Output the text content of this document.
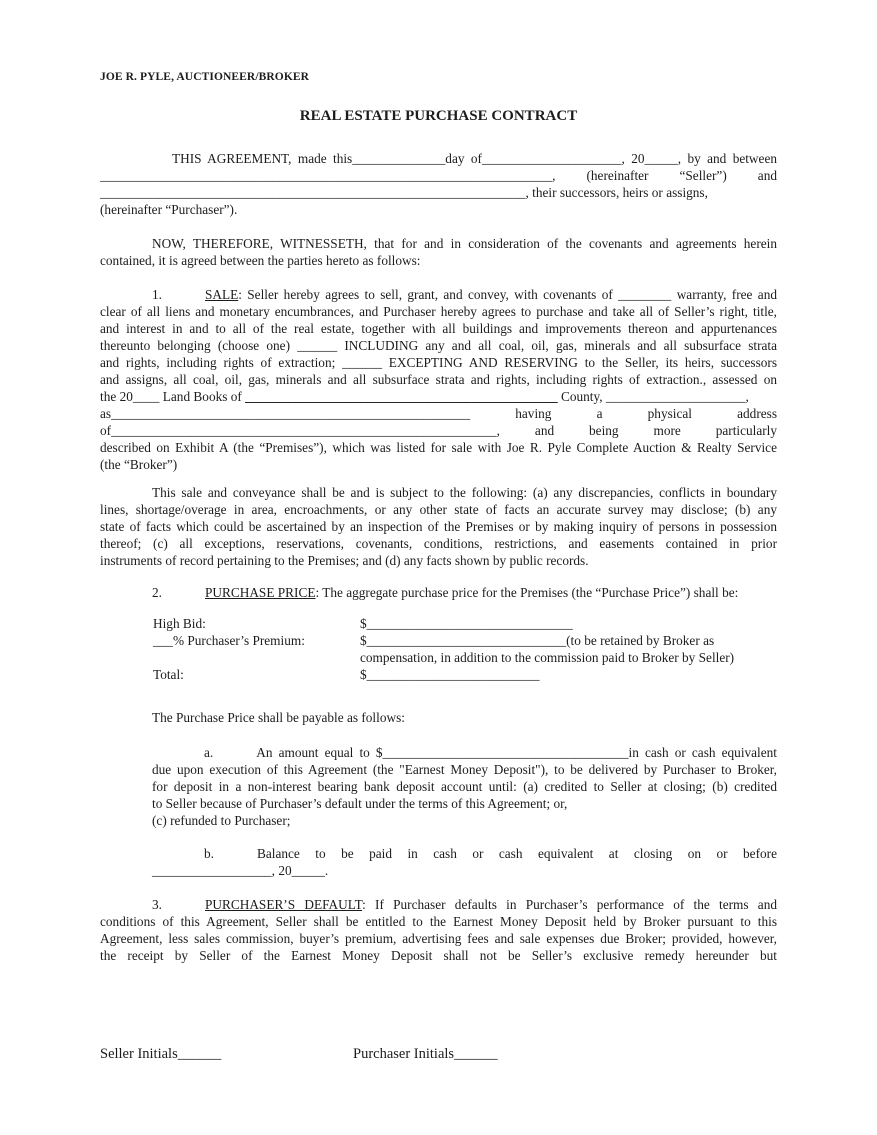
JOE R. PYLE, AUCTIONEER/BROKER
REAL ESTATE PURCHASE CONTRACT
THIS AGREEMENT, made this______________day of_____________________, 20_____, by and between
____________________________________________________________________, (hereinafter “Seller”) and
________________________________________________________________, their successors, heirs or assigns,
(hereinafter “Purchaser”).
NOW, THEREFORE, WITNESSETH, that for and in consideration of the covenants and agreements herein
contained, it is agreed between the parties hereto as follows:
1.	SALE: Seller hereby agrees to sell, grant, and convey, with covenants of ________ warranty, free and
clear of all liens and monetary encumbrances, and Purchaser hereby agrees to purchase and take all of Seller’s right, title,
and interest in and to all of the real estate, together with all buildings and improvements thereon and appurtenances
thereunto belonging (choose one) ______ INCLUDING any and all coal, oil, gas, minerals and all subsurface strata
and rights, including rights of extraction; ______ EXCEPTING AND RESERVING to the Seller, its heirs, successors
and assigns, all coal, oil, gas, minerals and all subsurface strata and rights, including rights of extraction., assessed on
the 20____ Land Books of _______________________________________________ County, _____________________,
as______________________________________________________ having a physical address
of__________________________________________________________, and being more particularly
described on Exhibit A (the “Premises”), which was listed for sale with Joe R. Pyle Complete Auction & Realty Service
(the “Broker”)
This sale and conveyance shall be and is subject to the following: (a) any discrepancies, conflicts in boundary
lines, shortage/overage in area, encroachments, or any other state of facts an accurate survey may disclose; (b) any
state of facts which could be ascertained by an inspection of the Premises or by making inquiry of persons in possession
thereof; (c) all exceptions, reservations, covenants, conditions, restrictions, and easements contained in prior
instruments of record pertaining to the Premises; and (d) any facts shown by public records.
2.	PURCHASE PRICE: The aggregate purchase price for the Premises (the “Purchase Price”) shall be:
High Bid:	$_______________________________
___% Purchaser’s Premium:	$______________________________(to be retained by Broker as
compensation, in addition to the commission paid to Broker by Seller)
Total:	$__________________________
The Purchase Price shall be payable as follows:
a.	An amount equal to $_____________________________________in cash or cash equivalent
due upon execution of this Agreement (the "Earnest Money Deposit"), to be delivered by Purchaser to Broker,
for deposit in a non-interest bearing bank deposit account until: (a) credited to Seller at closing; (b) credited
to Seller because of Purchaser’s default under the terms of this Agreement; or,
(c) refunded to Purchaser;
b.	Balance to be paid in cash or cash equivalent at closing on or before
__________________, 20_____.
3.	PURCHASER’S DEFAULT: If Purchaser defaults in Purchaser’s performance of the terms and
conditions of this Agreement, Seller shall be entitled to the Earnest Money Deposit held by Broker pursuant to this
Agreement, less sales commission, buyer’s premium, advertising fees and sale expenses due Broker; provided, however,
the receipt by Seller of the Earnest Money Deposit shall not be Seller’s exclusive remedy hereunder but
Seller Initials______	Purchaser Initials______
